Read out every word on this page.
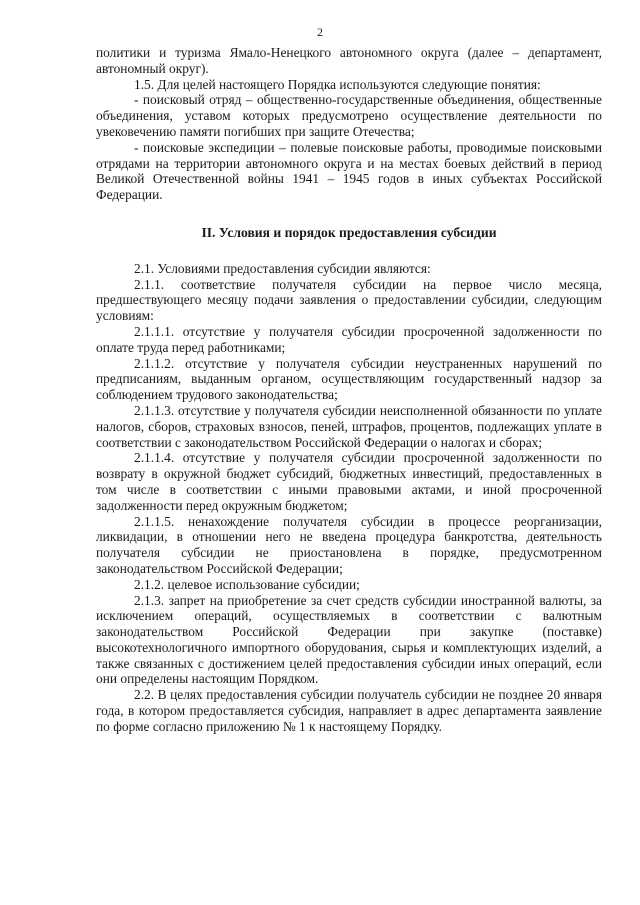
2

политики и туризма Ямало-Ненецкого автономного округа (далее – департамент, автономный округ).

1.5. Для целей настоящего Порядка используются следующие понятия:

- поисковый отряд – общественно-государственные объединения, общественные объединения, уставом которых предусмотрено осуществление деятельности по увековечению памяти погибших при защите Отечества;

- поисковые экспедиции – полевые поисковые работы, проводимые поисковыми отрядами на территории автономного округа и на местах боевых действий в период Великой Отечественной войны 1941 – 1945 годов в иных субъектах Российской Федерации.

II. Условия и порядок предоставления субсидии

2.1. Условиями предоставления субсидии являются:

2.1.1. соответствие получателя субсидии на первое число месяца, предшествующего месяцу подачи заявления о предоставлении субсидии, следующим условиям:

2.1.1.1. отсутствие у получателя субсидии просроченной задолженности по оплате труда перед работниками;

2.1.1.2. отсутствие у получателя субсидии неустраненных нарушений по предписаниям, выданным органом, осуществляющим государственный надзор за соблюдением трудового законодательства;

2.1.1.3. отсутствие у получателя субсидии неисполненной обязанности по уплате налогов, сборов, страховых взносов, пеней, штрафов, процентов, подлежащих уплате в соответствии с законодательством Российской Федерации о налогах и сборах;

2.1.1.4. отсутствие у получателя субсидии просроченной задолженности по возврату в окружной бюджет субсидий, бюджетных инвестиций, предоставленных в том числе в соответствии с иными правовыми актами, и иной просроченной задолженности перед окружным бюджетом;

2.1.1.5. ненахождение получателя субсидии в процессе реорганизации, ликвидации, в отношении него не введена процедура банкротства, деятельность получателя субсидии не приостановлена в порядке, предусмотренном законодательством Российской Федерации;

2.1.2. целевое использование субсидии;

2.1.3. запрет на приобретение за счет средств субсидии иностранной валюты, за исключением операций, осуществляемых в соответствии с валютным законодательством Российской Федерации при закупке (поставке) высокотехнологичного импортного оборудования, сырья и комплектующих изделий, а также связанных с достижением целей предоставления субсидии иных операций, если они определены настоящим Порядком.

2.2. В целях предоставления субсидии получатель субсидии не позднее 20 января года, в котором предоставляется субсидия, направляет в адрес департамента заявление по форме согласно приложению № 1 к настоящему Порядку.
